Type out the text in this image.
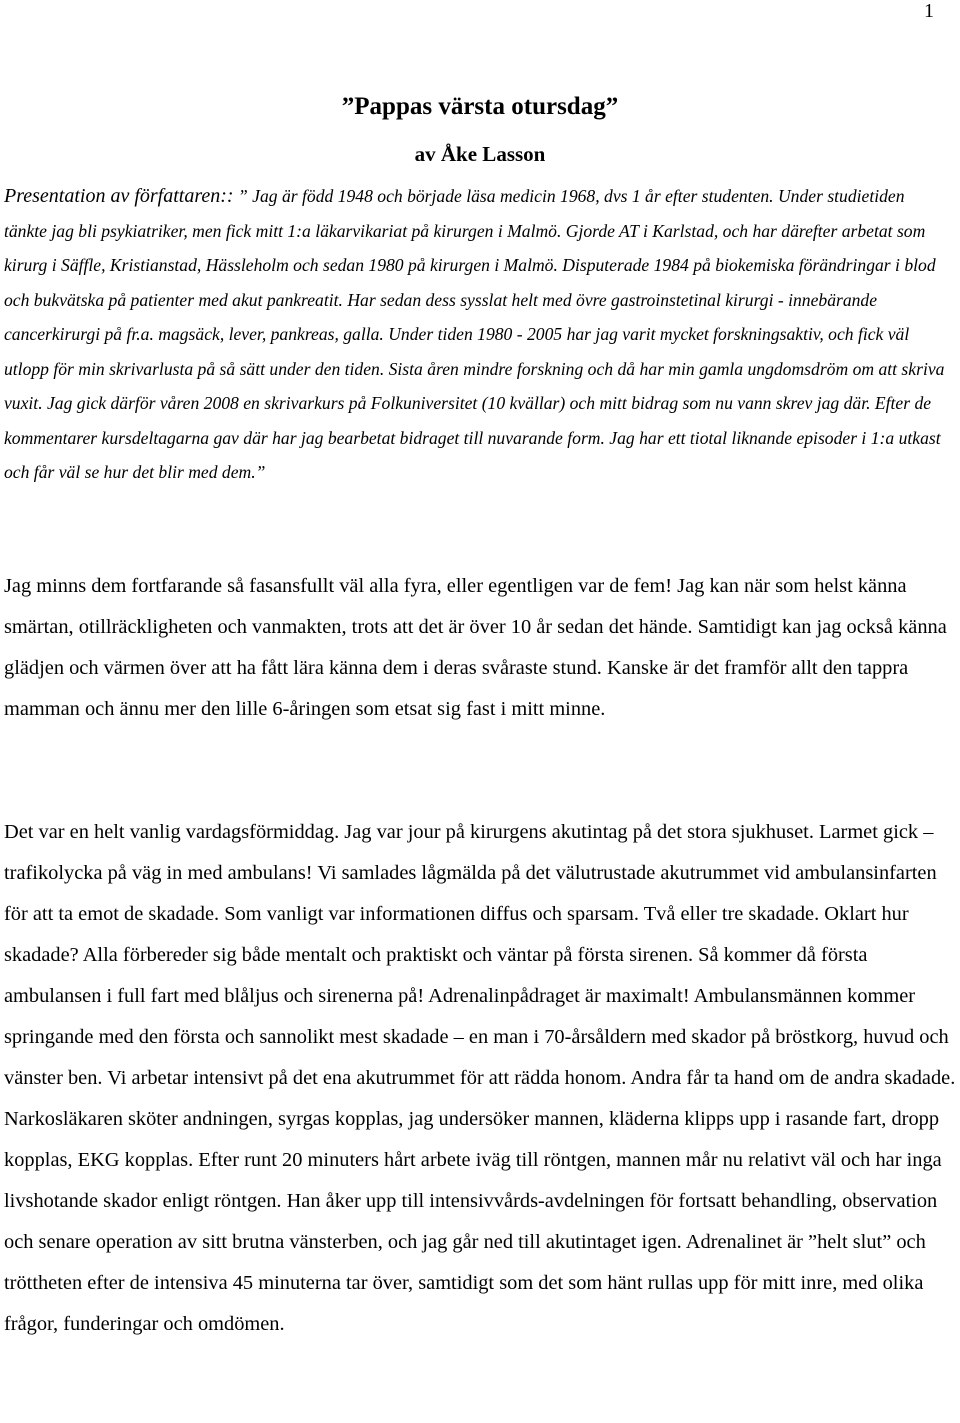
1
”Pappas värsta otursdag”
av Åke Lasson

Presentation av författaren:: ” Jag är född 1948 och började läsa medicin 1968, dvs 1 år efter studenten. Under studietiden tänkte jag bli psykiatriker, men fick mitt 1:a läkarvikariat på kirurgen i Malmö. Gjorde AT i Karlstad, och har därefter arbetat som kirurg i Säffle, Kristianstad, Hässleholm och sedan 1980 på kirurgen i Malmö. Disputerade 1984 på biokemiska förändringar i blod och bukvätska på patienter med akut pankreatit. Har sedan dess sysslat helt med övre gastroinstetinal kirurgi - innebärande cancerkirurgi på fr.a. magsäck, lever, pankreas, galla. Under tiden 1980 - 2005 har jag varit mycket forskningsaktiv, och fick väl utlopp för min skrivarlusta på så sätt under den tiden. Sista åren mindre forskning och då har min gamla ungdomsdröm om att skriva vuxit. Jag gick därför våren 2008 en skrivarkurs på Folkuniversitet (10 kvällar) och mitt bidrag som nu vann skrev jag där. Efter de kommentarer kursdeltagarna gav där har jag bearbetat bidraget till nuvarande form. Jag har ett tiotal liknande episoder i 1:a utkast och får väl se hur det blir med dem.”

Jag minns dem fortfarande så fasansfullt väl alla fyra, eller egentligen var de fem! Jag kan när som helst känna smärtan, otillräckligheten och vanmakten, trots att det är över 10 år sedan det hände. Samtidigt kan jag också känna glädjen och värmen över att ha fått lära känna dem i deras svåraste stund. Kanske är det framför allt den tappra mamman och ännu mer den lille 6-åringen som etsat sig fast i mitt minne.

Det var en helt vanlig vardagsförmiddag. Jag var jour på kirurgens akutintag på det stora sjukhuset. Larmet gick – trafikolycka på väg in med ambulans! Vi samlades lågmälda på det välutrustade akutrummet vid ambulansinfarten för att ta emot de skadade. Som vanligt var informationen diffus och sparsam. Två eller tre skadade. Oklart hur skadade? Alla förbereder sig både mentalt och praktiskt och väntar på första sirenen. Så kommer då första ambulansen i full fart med blåljus och sirenerna på! Adrenalinpådraget är maximalt! Ambulansmännen kommer springande med den första och sannolikt mest skadade – en man i 70-årsåldern med skador på bröstkorg, huvud och vänster ben. Vi arbetar intensivt på det ena akutrummet för att rädda honom. Andra får ta hand om de andra skadade. Narkosläkaren sköter andningen, syrgas kopplas, jag undersöker mannen, kläderna klipps upp i rasande fart, dropp kopplas, EKG kopplas. Efter runt 20 minuters hårt arbete iväg till röntgen, mannen mår nu relativt väl och har inga livshotande skador enligt röntgen. Han åker upp till intensivvårds-avdelningen för fortsatt behandling, observation och senare operation av sitt brutna vänsterben, och jag går ned till akutintaget igen. Adrenalinet är ”helt slut” och tröttheten efter de intensiva 45 minuterna tar över, samtidigt som det som hänt rullas upp för mitt inre, med olika frågor, funderingar och omdömen.
